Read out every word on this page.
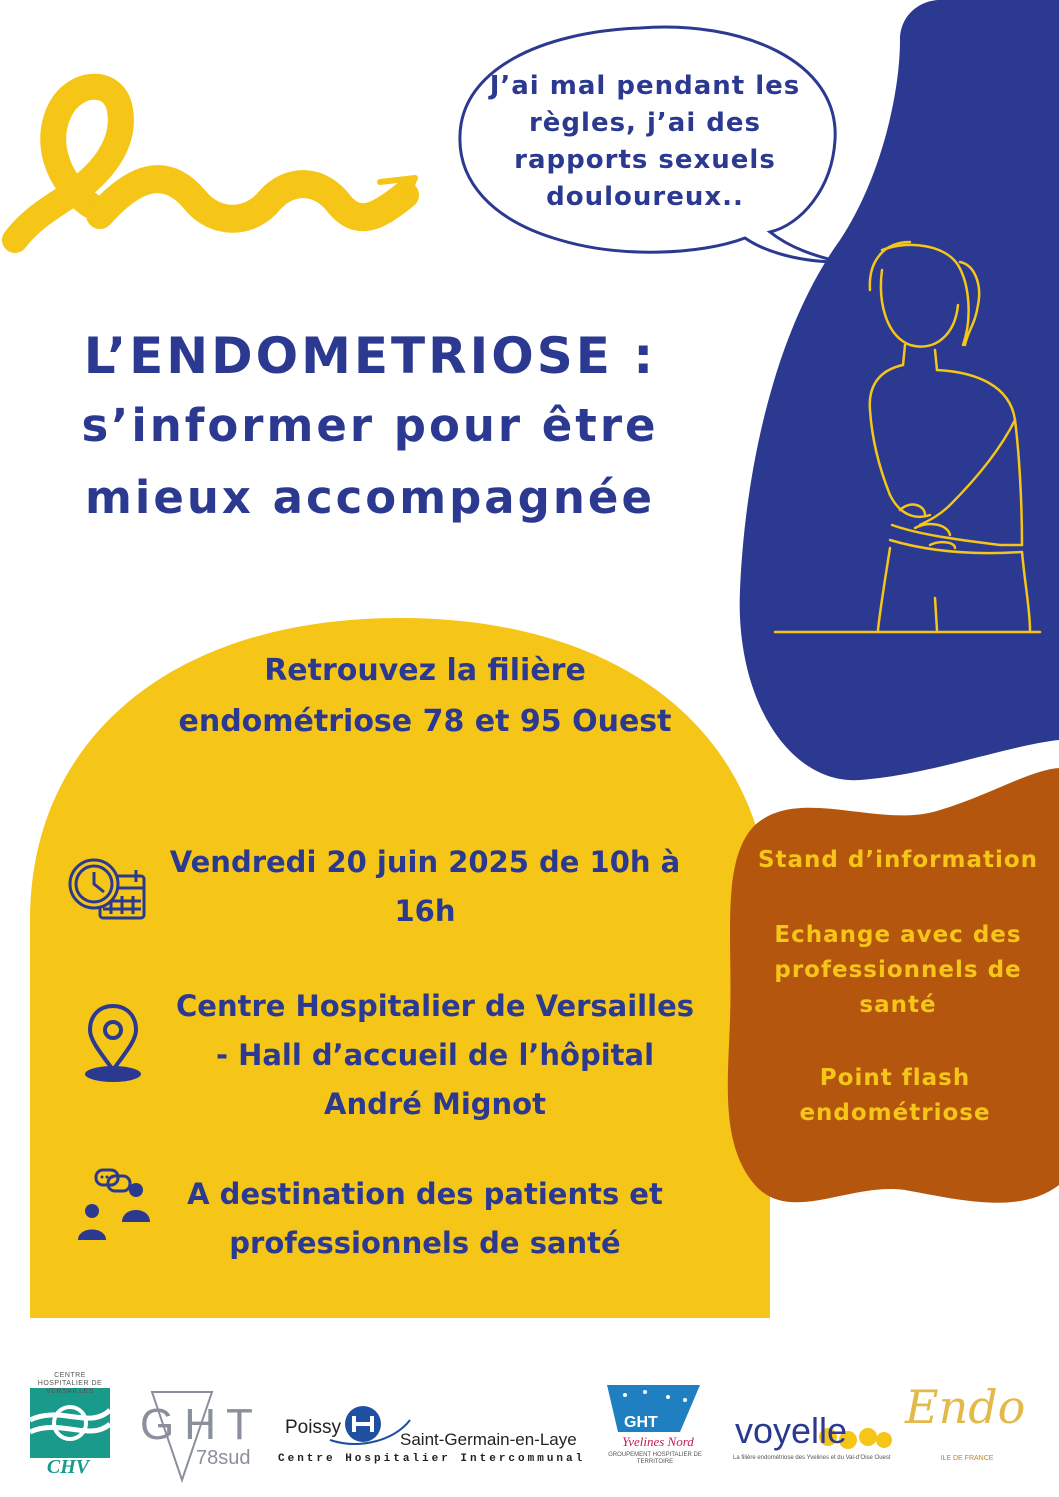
J’ai mal pendant les règles, j’ai des rapports sexuels douloureux..
L’ENDOMETRIOSE :
s’informer pour être
mieux accompagnée
Retrouvez la filière endométriose 78 et 95 Ouest
Vendredi 20 juin 2025 de 10h à 16h
Centre Hospitalier de Versailles - Hall d’accueil de l’hôpital André Mignot
A destination des patients et professionnels de santé
Stand d’information
Echange avec des professionnels de santé
Point flash endométriose
CENTRE HOSPITALIER DE VERSAILLES
CHV
GHT
78sud
Poissy
Saint-Germain-en-Laye
Centre Hospitalier Intercommunal
GHT
Yvelines Nord
GROUPEMENT HOSPITALIER DE TERRITOIRE
voyelle
La filière endométriose des Yvelines et du Val-d’Oise Ouest
Endo
ILE DE FRANCE
